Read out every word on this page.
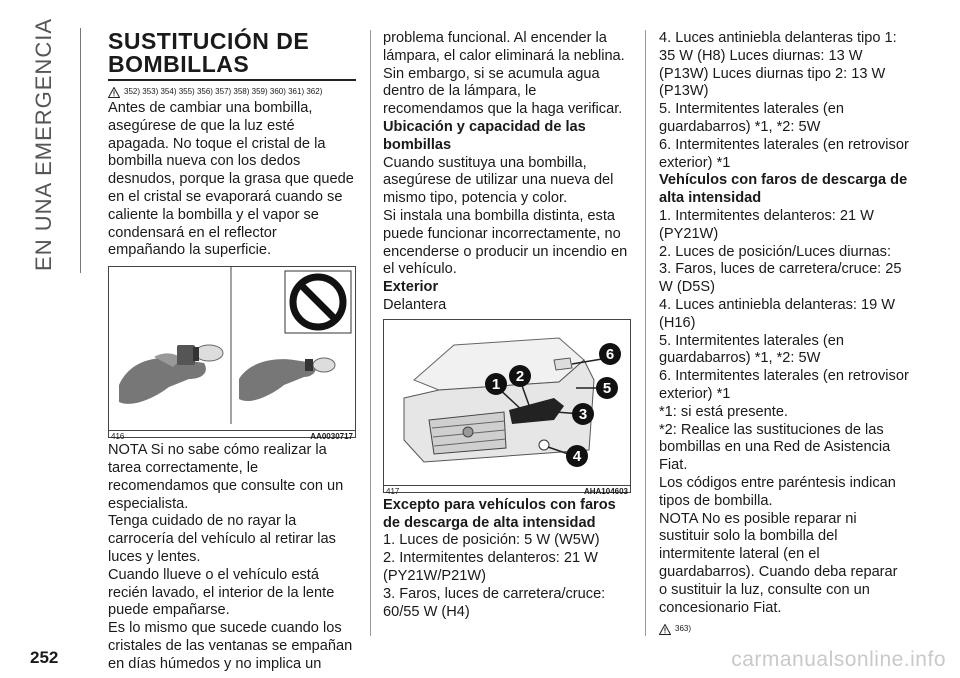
EN UNA EMERGENCIA SUSTITUCIÓN DE
BOMBILLAS
352) 353) 354) 355) 356) 357) 358) 359) 360) 361) 362)

Antes de cambiar una bombilla, asegúrese de que la luz esté apagada. No toque el cristal de la bombilla nueva con los dedos desnudos, porque la grasa que quede en el cristal se evaporará cuando se caliente la bombilla y el vapor se condensará en el reflector empañando la superficie.

416	AA0030717

NOTA Si no sabe cómo realizar la tarea correctamente, le recomendamos que consulte con un especialista.

Tenga cuidado de no rayar la carrocería del vehículo al retirar las luces y lentes.

Cuando llueve o el vehículo está recién lavado, el interior de la lente puede empañarse.

Es lo mismo que sucede cuando los cristales de las ventanas se empañan en días húmedos y no implica un

problema funcional. Al encender la lámpara, el calor eliminará la neblina.

Sin embargo, si se acumula agua dentro de la lámpara, le recomendamos que la haga verificar.

Ubicación y capacidad de las bombillas

Cuando sustituya una bombilla, asegúrese de utilizar una nueva del mismo tipo, potencia y color.

Si instala una bombilla distinta, esta puede funcionar incorrectamente, no encenderse o producir un incendio en el vehículo.

Exterior

Delantera

1 2
3
4
5
6
417	AHA104603
Excepto para vehículos con faros de descarga de alta intensidad

1. Luces de posición: 5 W (W5W)

2. Intermitentes delanteros: 21 W (PY21W/P21W)

3. Faros, luces de carretera/cruce: 60/55 W (H4)

4. Luces antiniebla delanteras tipo 1: 35 W (H8) Luces diurnas: 13 W (P13W) Luces diurnas tipo 2: 13 W (P13W)

5. Intermitentes laterales (en guardabarros) *1, *2: 5W

6. Intermitentes laterales (en retrovisor exterior) *1

Vehículos con faros de descarga de alta intensidad

1. Intermitentes delanteros: 21 W (PY21W)

2. Luces de posición/Luces diurnas:

3. Faros, luces de carretera/cruce: 25 W (D5S)

4. Luces antiniebla delanteras: 19 W (H16)

5. Intermitentes laterales (en guardabarros) *1, *2: 5W

6. Intermitentes laterales (en retrovisor exterior) *1

*1: si está presente.

*2: Realice las sustituciones de las bombillas en una Red de Asistencia Fiat.

Los códigos entre paréntesis indican tipos de bombilla.

NOTA No es posible reparar ni sustituir solo la bombilla del intermitente lateral (en el guardabarros). Cuando deba reparar o sustituir la luz, consulte con un concesionario Fiat.

363)
252	carmanualsonline.info
